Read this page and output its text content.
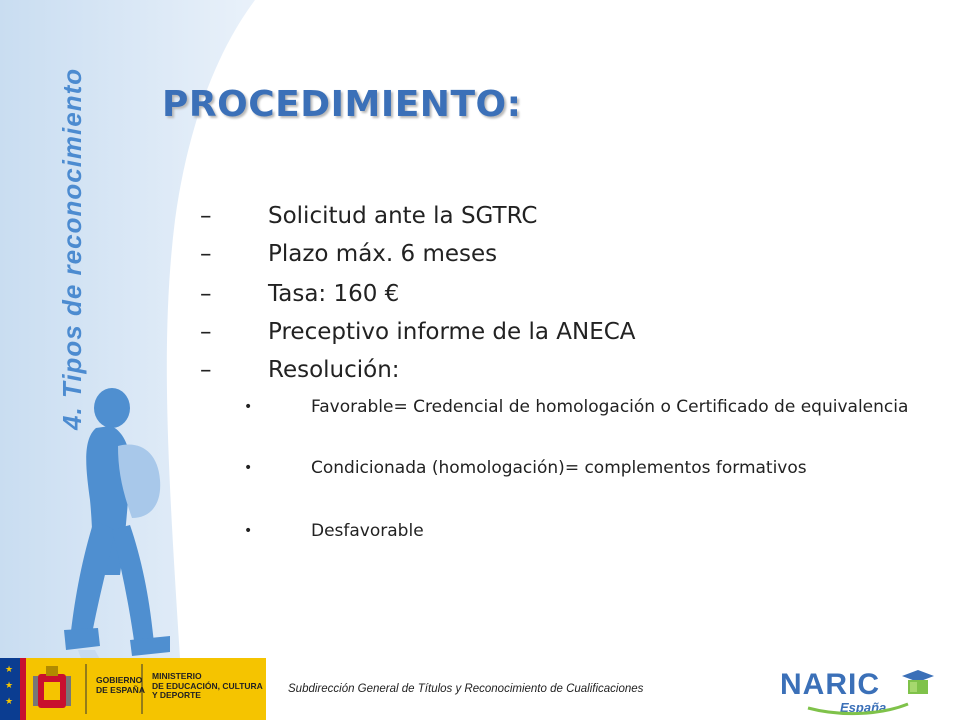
4. Tipos de reconocimiento PROCEDIMIENTO:
– Solicitud ante la SGTRC
– Plazo máx. 6 meses
– Tasa: 160 €
– Preceptivo informe de la ANECA
– Resolución:
•	Favorable= Credencial de homologación o Certificado de equivalencia
•	Condicionada (homologación)= complementos formativos
•	Desfavorable
★
★
★
GOBIERNO
DE ESPAÑA
MINISTERIO
DE EDUCACIÓN, CULTURA
Y DEPORTE	Subdirección General de Títulos y Reconocimiento de Cualificaciones	NARIC
España
